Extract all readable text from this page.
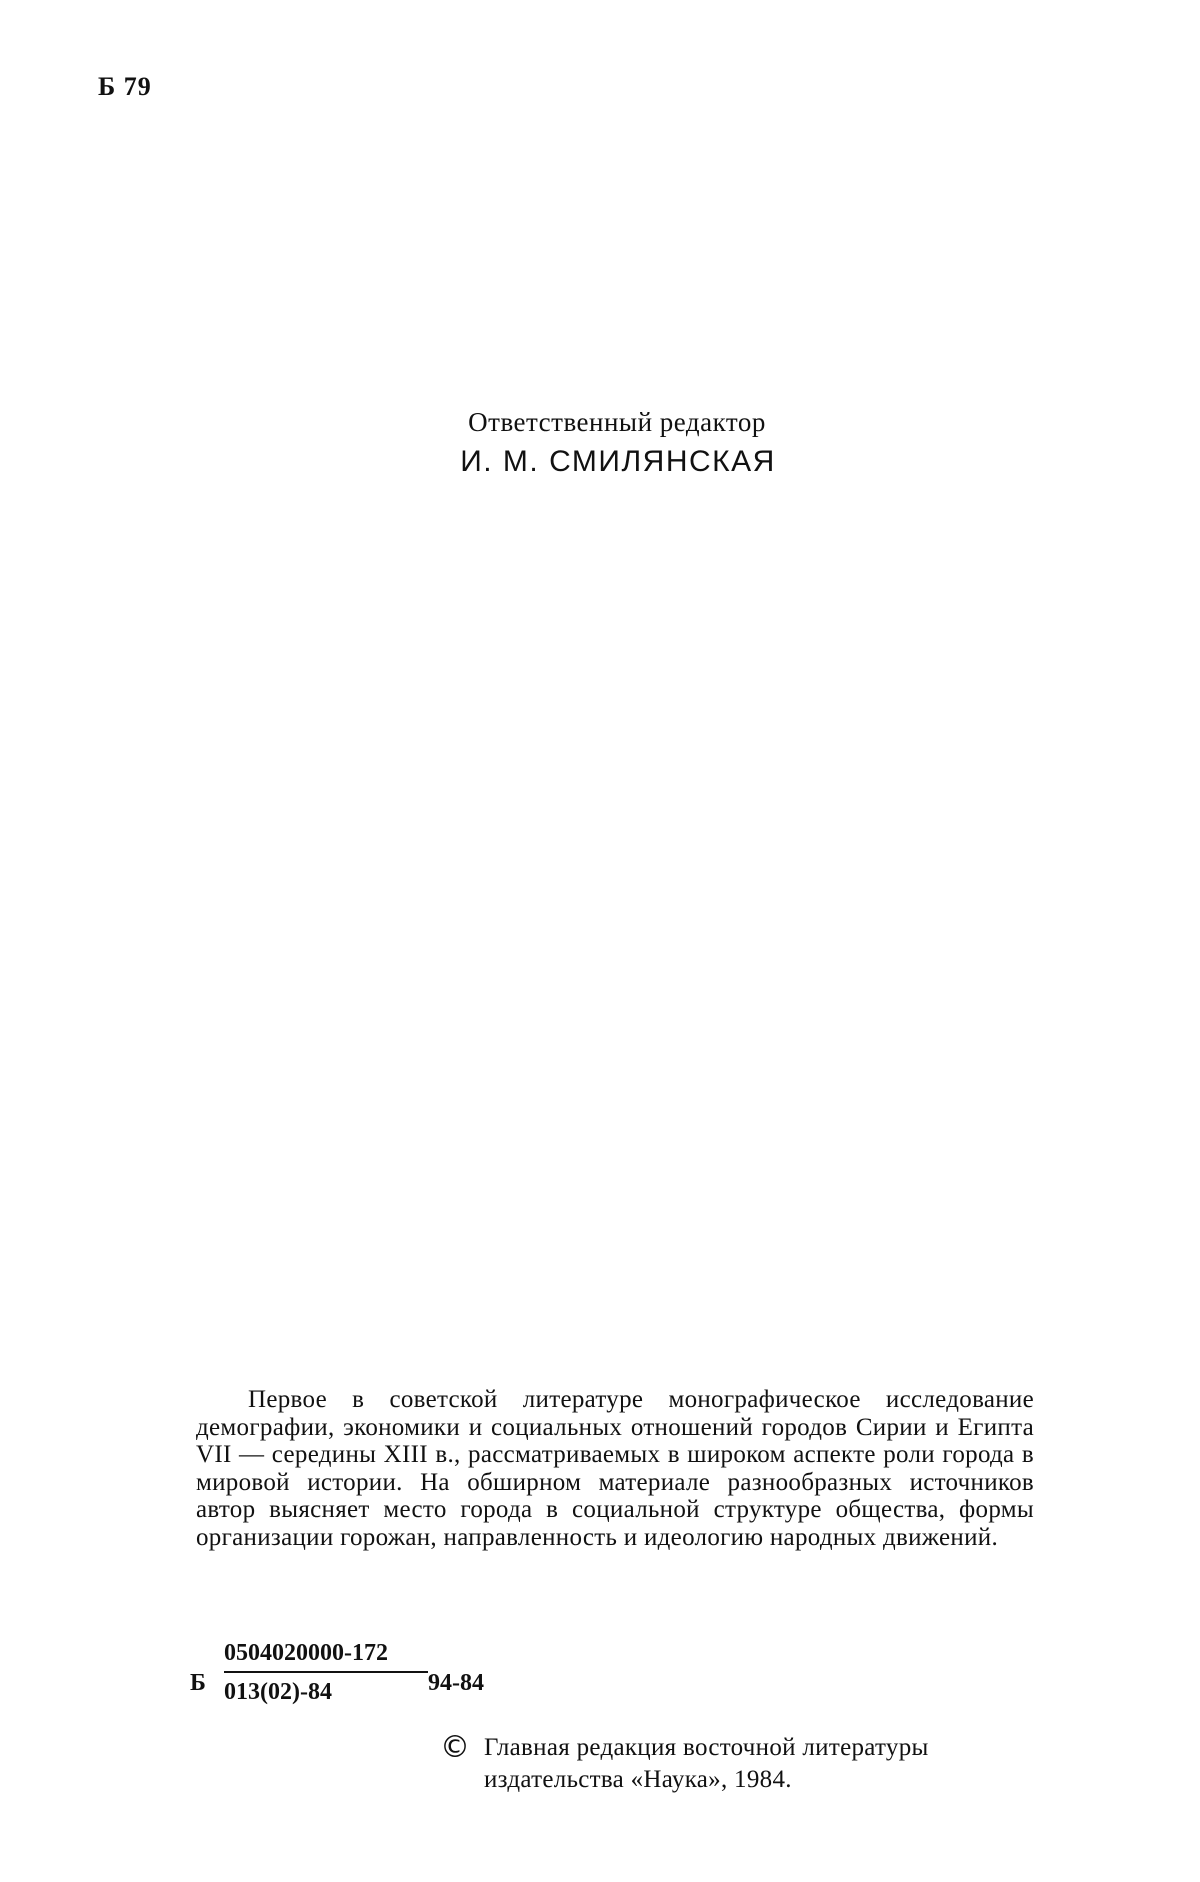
Б 79
Ответственный редактор
И. М. СМИЛЯНСКАЯ
Первое в советской литературе монографическое исследование демографии, экономики и социальных отношений городов Сирии и Египта VII — середины XIII в., рассматриваемых в широком аспекте роли города в мировой истории. На обширном материале разнообразных источников автор выясняет место города в социальной структуре общества, формы организации горожан, направленность и идеологию народных движений.
Б $\frac{0504020000-172}{013(02)-84} 94-84$
© Главная редакция восточной литературы
издательства «Наука», 1984.
